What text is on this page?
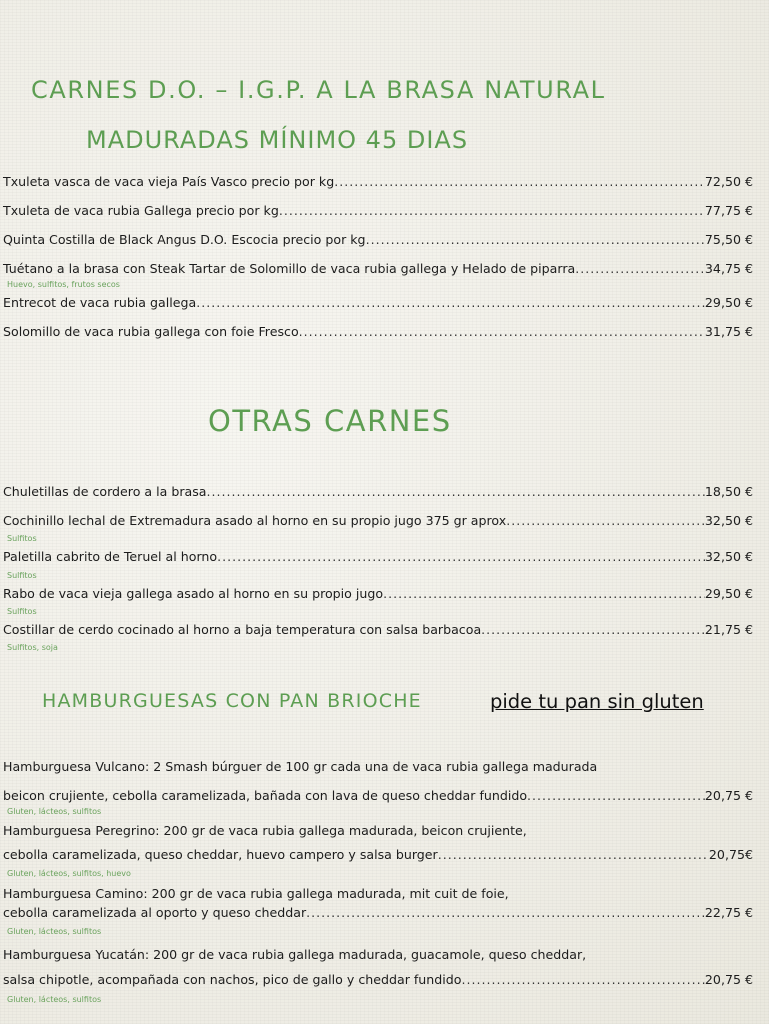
CARNES D.O. – I.G.P. A LA BRASA NATURAL
MADURADAS MÍNIMO 45 DIAS
Txuleta vasca de vaca vieja País Vasco precio por kg .....	72,50 €
Txuleta de vaca rubia Gallega precio por kg .....	77,75 €
Quinta Costilla de Black Angus D.O. Escocia precio por kg .....	75,50 €
Tuétano a la brasa con Steak Tartar de Solomillo de vaca rubia gallega y Helado de piparra .....	34,75 €
Huevo, sulfitos, frutos secos
Entrecot de vaca rubia gallega .....	29,50 €
Solomillo de vaca rubia gallega con foie Fresco .....	31,75 €
OTRAS CARNES
Chuletillas de cordero a la brasa .....	18,50 €
Cochinillo lechal de Extremadura asado al horno en su propio jugo 375 gr aprox .....	32,50 €
Sulfitos
Paletilla cabrito de Teruel al horno .....	32,50 €
Sulfitos
Rabo de vaca vieja gallega asado al horno en su propio jugo .....	29,50 €
Sulfitos
Costillar de cerdo cocinado al horno a baja temperatura con salsa barbacoa .....	21,75 €
Sulfitos, soja
HAMBURGUESAS CON PAN BRIOCHE	pide tu pan sin gluten
Hamburguesa Vulcano: 2 Smash búrguer de 100 gr cada una de vaca rubia gallega madurada
beicon crujiente, cebolla caramelizada, bañada con lava de queso cheddar fundido .....	20,75 €
Gluten, lácteos, sulfitos
Hamburguesa Peregrino: 200 gr de vaca rubia gallega madurada, beicon crujiente,
cebolla caramelizada, queso cheddar, huevo campero y salsa burger .....	20,75€
Gluten, lácteos, sulfitos, huevo
Hamburguesa Camino: 200 gr de vaca rubia gallega madurada, mit cuit de foie,
cebolla caramelizada al oporto y queso cheddar .....	22,75 €
Gluten, lácteos, sulfitos
Hamburguesa Yucatán: 200 gr de vaca rubia gallega madurada, guacamole, queso cheddar,
salsa chipotle, acompañada con nachos, pico de gallo y cheddar fundido .....	20,75 €
Gluten, lácteos, sulfitos
